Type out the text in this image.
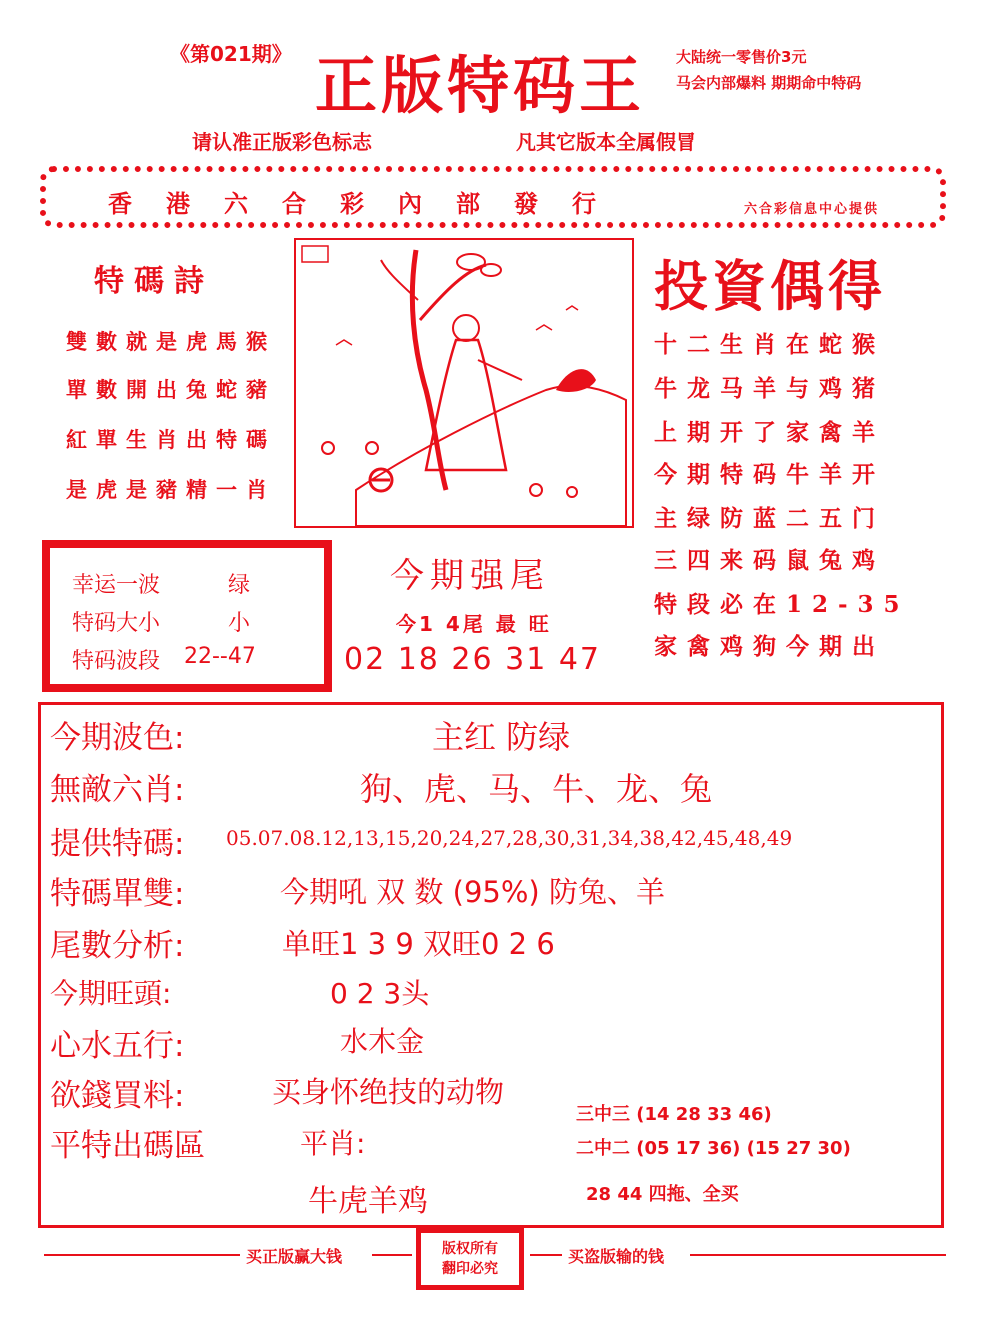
《第021期》 正版特码王 大陆统一零售价3元
马会内部爆料 期期命中特码
请认准正版彩色标志	凡其它版本全属假冒
香港六合彩內部發行	六合彩信息中心提供
特碼詩
雙數就是虎馬猴
單數開出兔蛇豬
紅單生肖出特碼
是虎是豬精一肖
投資偶得
十二生肖在蛇猴
牛龙马羊与鸡猪
上期开了家禽羊
今期特码牛羊开
主绿防蓝二五门
三四来码鼠兔鸡
特段必在12-35
家禽鸡狗今期出
幸运一波	绿
特码大小	小
特码波段 22--47
今期强尾
今1 4尾 最 旺
02 18 26 31 47
今期波色:	主红 防绿
無敵六肖:	狗、虎、马、牛、龙、兔
提供特碼: 05.07.08.12,13,15,20,24,27,28,30,31,34,38,42,45,48,49
特碼單雙:	今期吼 双 数 (95%) 防兔、羊
尾數分析:	单旺1 3 9 双旺0 2 6
今期旺頭:	0 2 3头
心水五行:	水木金
欲錢買料:	买身怀绝技的动物
平特出碼區	平肖:
牛虎羊鸡
三中三 (14 28 33 46)
二中二 (05 17 36) (15 27 30)
28 44 四拖、全买
买正版赢大钱	版权所有
翻印必究
买盗版输的钱
